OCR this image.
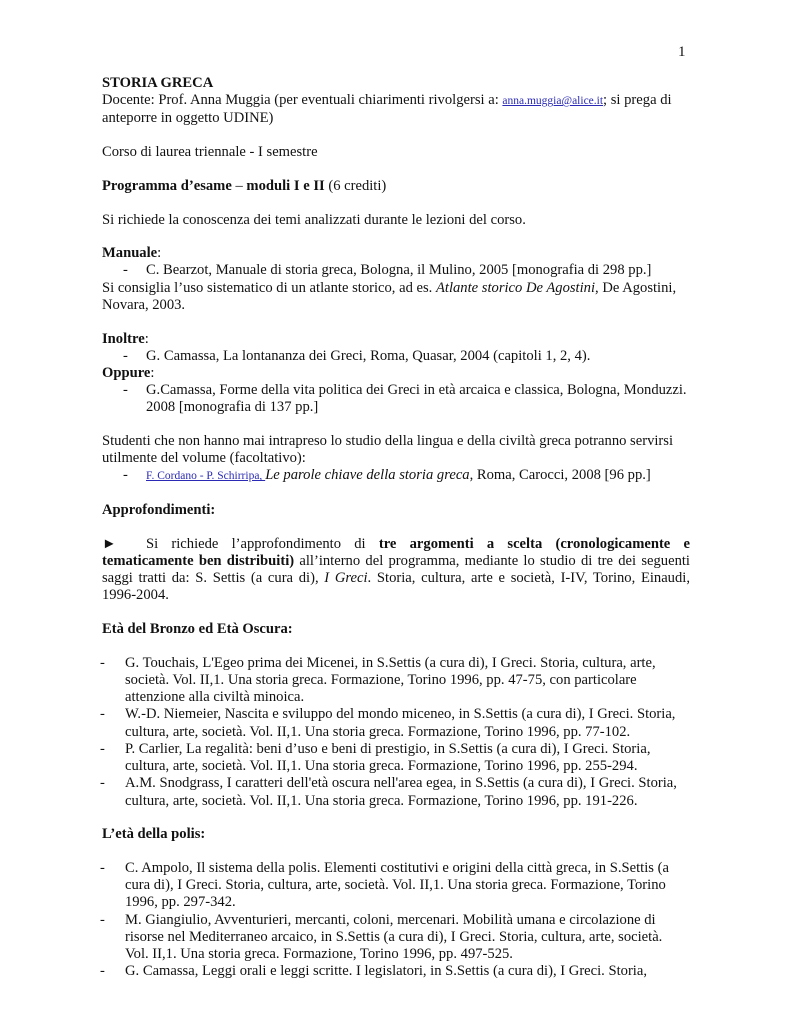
1

STORIA GRECA

Docente: Prof. Anna Muggia (per eventuali chiarimenti rivolgersi a: anna.muggia@alice.it; si prega di

anteporre in oggetto UDINE)

Corso di laurea triennale - I semestre

Programma d’esame – moduli I e II (6 crediti)

Si richiede la conoscenza dei temi analizzati durante le lezioni del corso.

Manuale:

- C. Bearzot, Manuale di storia greca, Bologna, il Mulino, 2005 [monografia di 298 pp.]

Si consiglia l’uso sistematico di un atlante storico, ad es. Atlante storico De Agostini, De Agostini,

Novara, 2003.

Inoltre:

- G. Camassa, La lontananza dei Greci, Roma, Quasar, 2004 (capitoli 1, 2, 4).

Oppure:

- G.Camassa, Forme della vita politica dei Greci in età arcaica e classica, Bologna, Monduzzi.
2008 [monografia di 137 pp.]

Studenti che non hanno mai intrapreso lo studio della lingua e della civiltà greca potranno servirsi

utilmente del volume (facoltativo):

- F. Cordano - P. Schirripa, Le parole chiave della storia greca, Roma, Carocci, 2008 [96 pp.]

Approfondimenti:

► Si richiede l’approfondimento di tre argomenti a scelta (cronologicamente e tematicamente ben distribuiti) all’interno del programma, mediante lo studio di tre dei seguenti saggi tratti da: S. Settis (a cura di), I Greci. Storia, cultura, arte e società, I-IV, Torino, Einaudi, 1996-2004.

Età del Bronzo ed Età Oscura:

- G. Touchais, L'Egeo prima dei Micenei, in S.Settis (a cura di), I Greci. Storia, cultura, arte,
società. Vol. II,1. Una storia greca. Formazione, Torino 1996, pp. 47-75, con particolare
attenzione alla civiltà minoica.
- W.-D. Niemeier, Nascita e sviluppo del mondo miceneo, in S.Settis (a cura di), I Greci. Storia,
cultura, arte, società. Vol. II,1. Una storia greca. Formazione, Torino 1996, pp. 77-102.
- P. Carlier, La regalità: beni d’uso e beni di prestigio, in S.Settis (a cura di), I Greci. Storia,
cultura, arte, società. Vol. II,1. Una storia greca. Formazione, Torino 1996, pp. 255-294.
- A.M. Snodgrass, I caratteri dell'età oscura nell'area egea, in S.Settis (a cura di), I Greci. Storia,
cultura, arte, società. Vol. II,1. Una storia greca. Formazione, Torino 1996, pp. 191-226.

L’età della polis:

- C. Ampolo, Il sistema della polis. Elementi costitutivi e origini della città greca, in S.Settis (a
cura di), I Greci. Storia, cultura, arte, società. Vol. II,1. Una storia greca. Formazione, Torino
1996, pp. 297-342.
- M. Giangiulio, Avventurieri, mercanti, coloni, mercenari. Mobilità umana e circolazione di
risorse nel Mediterraneo arcaico, in S.Settis (a cura di), I Greci. Storia, cultura, arte, società.
Vol. II,1. Una storia greca. Formazione, Torino 1996, pp. 497-525.
- G. Camassa, Leggi orali e leggi scritte. I legislatori, in S.Settis (a cura di), I Greci. Storia,
